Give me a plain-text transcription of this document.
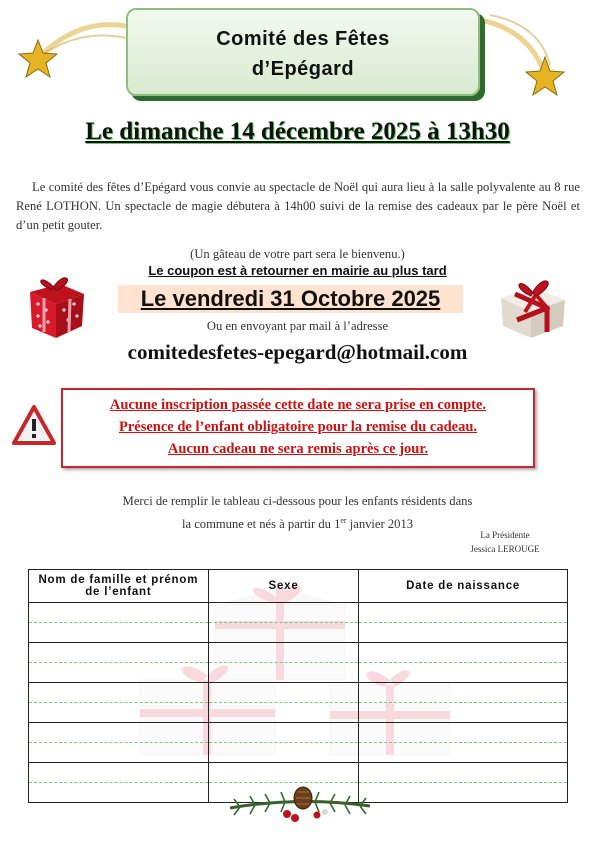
Comité des Fêtes
d’Epégard
Le dimanche 14 décembre 2025 à 13h30
Le comité des fêtes d’Epégard vous convie au spectacle de Noël qui aura lieu à la salle polyvalente au 8 rue René LOTHON. Un spectacle de magie débutera à 14h00 suivi de la remise des cadeaux par le père Noël et d’un petit gouter.
(Un gâteau de votre part sera le bienvenu.)
Le coupon est à retourner en mairie au plus tard
Le vendredi 31 Octobre 2025
Ou en envoyant par mail à l’adresse
comitedesfetes-epegard@hotmail.com
Aucune inscription passée cette date ne sera prise en compte.
Présence de l’enfant obligatoire pour la remise du cadeau.
Aucun cadeau ne sera remis après ce jour.
Merci de remplir le tableau ci-dessous pour les enfants résidents dans
la commune et nés à partir du 1er janvier 2013
La Présidente
Jessica LEROUGE
Nom de famille et prénom de l’enfant	Sexe	Date de naissance
